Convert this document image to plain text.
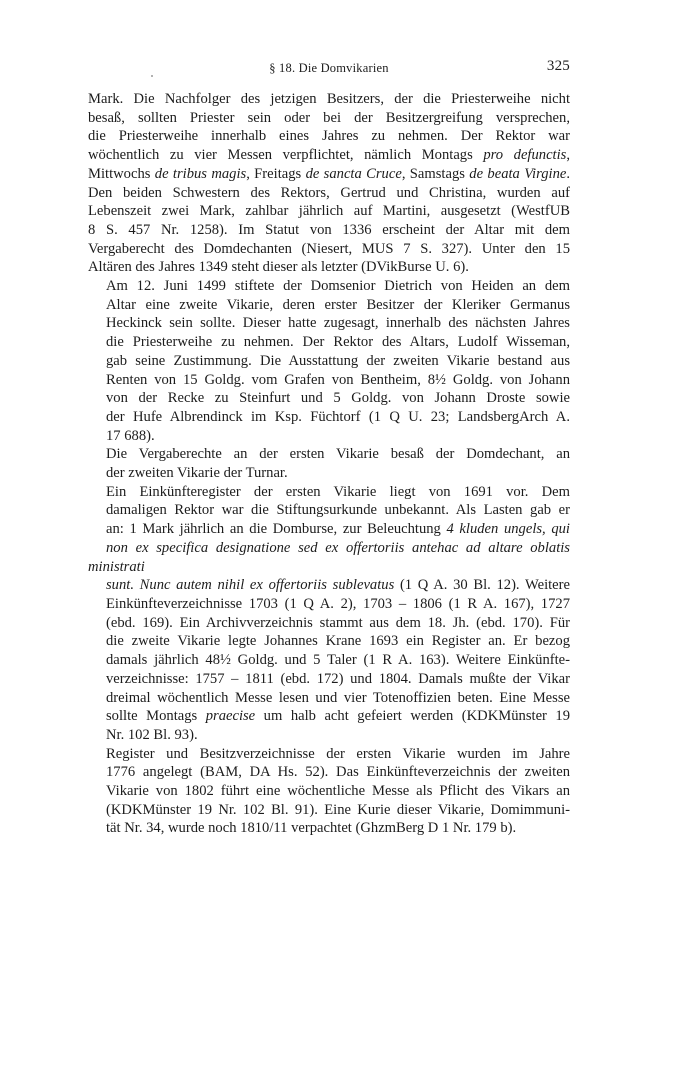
§ 18. Die Domvikarien	325

Mark. Die Nachfolger des jetzigen Besitzers, der die Priesterweihe nicht
besaß, sollten Priester sein oder bei der Besitzergreifung versprechen,
die Priesterweihe innerhalb eines Jahres zu nehmen. Der Rektor war
wöchentlich zu vier Messen verpflichtet, nämlich Montags pro defunctis,
Mittwochs de tribus magis, Freitags de sancta Cruce, Samstags de beata Virgine.
Den beiden Schwestern des Rektors, Gertrud und Christina, wurden auf
Lebenszeit zwei Mark, zahlbar jährlich auf Martini, ausgesetzt (WestfUB
8 S. 457 Nr. 1258). Im Statut von 1336 erscheint der Altar mit dem
Vergaberecht des Domdechanten (Niesert, MUS 7 S. 327). Unter den 15
Altären des Jahres 1349 steht dieser als letzter (DVikBurse U. 6).

Am 12. Juni 1499 stiftete der Domsenior Dietrich von Heiden an dem
Altar eine zweite Vikarie, deren erster Besitzer der Kleriker Germanus
Heckinck sein sollte. Dieser hatte zugesagt, innerhalb des nächsten Jahres
die Priesterweihe zu nehmen. Der Rektor des Altars, Ludolf Wisseman,
gab seine Zustimmung. Die Ausstattung der zweiten Vikarie bestand aus
Renten von 15 Goldg. vom Grafen von Bentheim, 8½ Goldg. von Johann
von der Recke zu Steinfurt und 5 Goldg. von Johann Droste sowie
der Hufe Albrendinck im Ksp. Füchtorf (1 Q U. 23; LandsbergArch A.
17 688).

Die Vergaberechte an der ersten Vikarie besaß der Domdechant, an
der zweiten Vikarie der Turnar.

Ein Einkünfteregister der ersten Vikarie liegt von 1691 vor. Dem
damaligen Rektor war die Stiftungsurkunde unbekannt. Als Lasten gab er
an: 1 Mark jährlich an die Domburse, zur Beleuchtung 4 kluden ungels, qui
non ex specifica designatione sed ex offertoriis antehac ad altare oblatis ministrati
sunt. Nunc autem nihil ex offertoriis sublevatus (1 Q A. 30 Bl. 12). Weitere
Einkünfteverzeichnisse 1703 (1 Q A. 2), 1703 – 1806 (1 R A. 167), 1727
(ebd. 169). Ein Archivverzeichnis stammt aus dem 18. Jh. (ebd. 170). Für
die zweite Vikarie legte Johannes Krane 1693 ein Register an. Er bezog
damals jährlich 48½ Goldg. und 5 Taler (1 R A. 163). Weitere Einkünfte-
verzeichnisse: 1757 – 1811 (ebd. 172) und 1804. Damals mußte der Vikar
dreimal wöchentlich Messe lesen und vier Totenoffizien beten. Eine Messe
sollte Montags praecise um halb acht gefeiert werden (KDKMünster 19
Nr. 102 Bl. 93).

Register und Besitzverzeichnisse der ersten Vikarie wurden im Jahre
1776 angelegt (BAM, DA Hs. 52). Das Einkünfteverzeichnis der zweiten
Vikarie von 1802 führt eine wöchentliche Messe als Pflicht des Vikars an
(KDKMünster 19 Nr. 102 Bl. 91). Eine Kurie dieser Vikarie, Domimmuni-
tät Nr. 34, wurde noch 1810/11 verpachtet (GhzmBerg D 1 Nr. 179 b).
